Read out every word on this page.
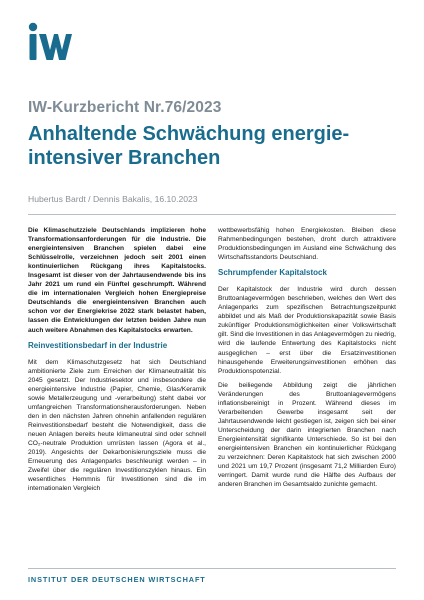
IW-Kurzbericht Nr.76/2023
Anhaltende Schwächung energie-intensiver Branchen
Hubertus Bardt / Dennis Bakalis, 16.10.2023

Die Klimaschutzziele Deutschlands implizieren hohe Transformationsanforderungen für die Industrie. Die energieintensiven Branchen spielen dabei eine Schlüsselrolle, verzeichnen jedoch seit 2001 einen kontinuierlichen Rückgang ihres Kapitalstocks. Insgesamt ist dieser von der Jahrtausendwende bis ins Jahr 2021 um rund ein Fünftel geschrumpft. Während die im internationalen Vergleich hohen Energiepreise Deutschlands die energieintensiven Branchen auch schon vor der Energiekrise 2022 stark belastet haben, lassen die Entwicklungen der letzten beiden Jahre nun auch weitere Abnahmen des Kapitalstocks erwarten.

Reinvestitionsbedarf in der Industrie

Mit dem Klimaschutzgesetz hat sich Deutschland ambitionierte Ziele zum Erreichen der Klimaneutralität bis 2045 gesetzt. Der Industriesektor und insbesondere die energieintensive Industrie (Papier, Chemie, Glas/Keramik sowie Metallerzeugung und -verarbeitung) steht dabei vor umfangreichen Transformationsherausforderungen. Neben den in den nächsten Jahren ohnehin anfallenden regulären Reinvestitionsbedarf besteht die Notwendigkeit, dass die neuen Anlagen bereits heute klimaneutral sind oder schnell CO₂-neutrale Produktion umrüsten lassen (Agora et al., 2019). Angesichts der Dekarbonisierungsziele muss die Erneuerung des Anlagenparks beschleunigt werden – in Zweifel über die regulären Investitionszyklen hinaus. Ein wesentliches Hemmnis für Investitionen sind die im internationalen Vergleich

wettbewerbsfähig hohen Energiekosten. Bleiben diese Rahmenbedingungen bestehen, droht durch attraktivere Produktionsbedingungen im Ausland eine Schwächung des Wirtschaftsstandorts Deutschland.

Schrumpfender Kapitalstock

Der Kapitalstock der Industrie wird durch dessen Bruttoanlagevermögen beschrieben, welches den Wert des Anlagenparks zum spezifischen Betrachtungszeitpunkt abbildet und als Maß der Produktionskapazität sowie Basis zukünftiger Produktionsmöglichkeiten einer Volkswirtschaft gilt. Sind die Investitionen in das Anlagevermögen zu niedrig, wird die laufende Entwertung des Kapitalstocks nicht ausgeglichen – erst über die Ersatzinvestitionen hinausgehende Erweiterungsinvestitionen erhöhen das Produktionspotenzial.

Die beiliegende Abbildung zeigt die jährlichen Veränderungen des Bruttoanlagevermögens inflationsbereinigt in Prozent. Während dieses im Verarbeitenden Gewerbe insgesamt seit der Jahrtausendwende leicht gestiegen ist, zeigen sich bei einer Unterscheidung der darin integrierten Branchen nach Energieintensität signifikante Unterschiede. So ist bei den energieintensiven Branchen ein kontinuierlicher Rückgang zu verzeichnen: Deren Kapitalstock hat sich zwischen 2000 und 2021 um 19,7 Prozent (insgesamt 71,2 Milliarden Euro) verringert. Damit wurde rund die Hälfte des Aufbaus der anderen Branchen im Gesamtsaldo zunichte gemacht.

INSTITUT DER DEUTSCHEN WIRTSCHAFT
